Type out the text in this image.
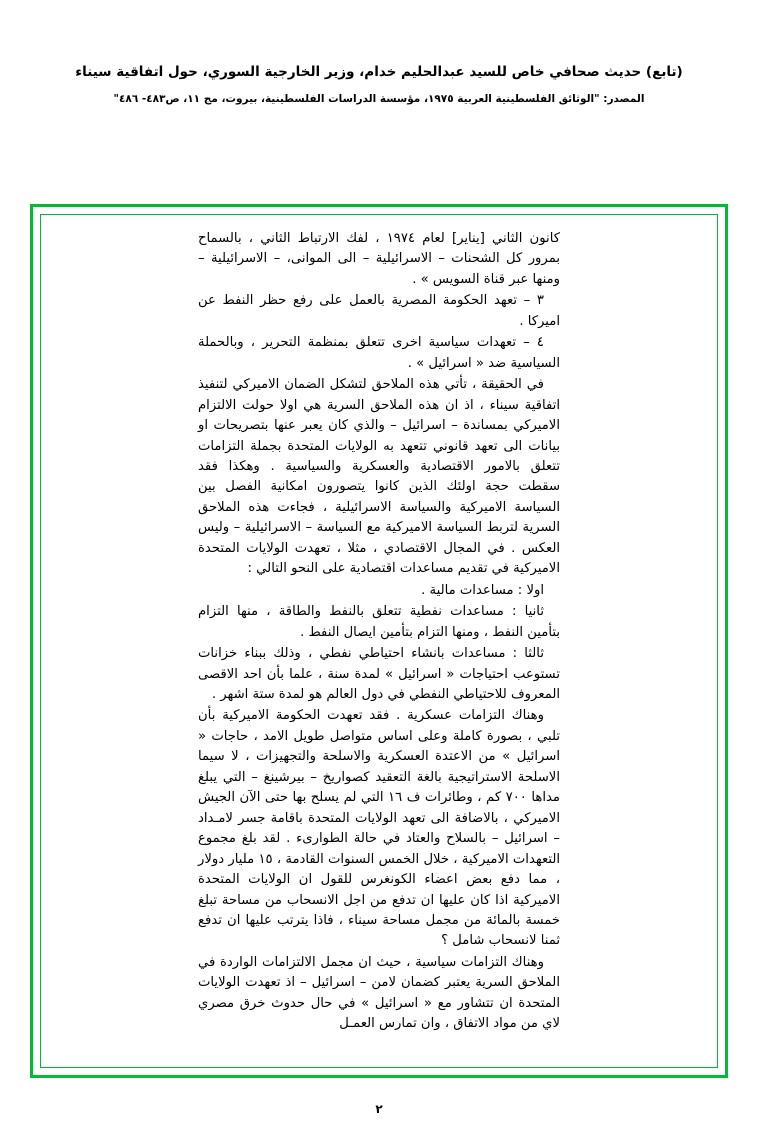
(تابع) حديث صحافي خاص للسيد عبدالحليم خدام، وزير الخارجية السوري، حول اتفاقية سيناء
المصدر: "الوثائق الفلسطينية العربية ١٩٧٥، مؤسسة الدراسات الفلسطينية، بيروت، مج ١١، ص٤٨٣- ٤٨٦"

كانون الثاني [يناير] لعام ١٩٧٤ ، لفك الارتباط الثاني ، بالسماح بمرور كل الشحنات – الاسرائيلية – الى الموانى، – الاسرائيلية – ومنها عبر قناة السويس » .

٣ – تعهد الحكومة المصرية بالعمل على رفع حظر النفط عن اميركا .

٤ – تعهدات سياسية اخرى تتعلق بمنظمة التحرير ، وبالحملة السياسية ضد « اسرائيل » .

في الحقيقة ، تأتي هذه الملاحق لتشكل الضمان الاميركي لتنفيذ اتفاقية سيناء ، اذ ان هذه الملاحق السرية هي اولا حولت الالتزام الاميركي بمساندة – اسرائيل – والذي كان يعبر عنها بتصريحات او بيانات الى تعهد قانوني تتعهد به الولايات المتحدة بجملة التزامات تتعلق بالامور الاقتصادية والعسكرية والسياسية . وهكذا فقد سقطت حجة اولئك الذين كانوا يتصورون امكانية الفصل بين السياسة الاميركية والسياسة الاسرائيلية ، فجاءت هذه الملاحق السرية لتربط السياسة الاميركية مع السياسة – الاسرائيلية – وليس العكس . في المجال الاقتصادي ، مثلا ، تعهدت الولايات المتحدة الاميركية في تقديم مساعدات اقتصادية على النحو التالي :

اولا : مساعدات مالية .

ثانيا : مساعدات نفطية تتعلق بالنفط والطاقة ، منها التزام بتأمين النفط ، ومنها التزام بتأمين ايصال النفط .

ثالثا : مساعدات بانشاء احتياطي نفطي ، وذلك ببناء خزانات تستوعب احتياجات « اسرائيل » لمدة سنة ، علما بأن احد الاقصى المعروف للاحتياطي النفطي في دول العالم هو لمدة ستة اشهر .

وهناك التزامات عسكرية . فقد تعهدت الحكومة الاميركية بأن تلبي ، بصورة كاملة وعلى اساس متواصل طويل الامد ، حاجات « اسرائيل » من الاعتدة العسكرية والاسلحة والتجهيزات ، لا سيما الاسلحة الاستراتيجية بالغة التعقيد كصواريخ – بيرشينغ – التي يبلغ مداها ٧٠٠ كم ، وطائرات ف ١٦ التي لم يسلح بها حتى الآن الجيش الاميركي ، بالاضافة الى تعهد الولايات المتحدة باقامة جسر لامـداد – اسرائيل – بالسلاح والعتاد في حالة الطوارىء . لقد بلغ مجموع التعهدات الاميركية ، خلال الخمس السنوات القادمة ، ١٥ مليار دولار ، مما دفع بعض اعضاء الكونغرس للقول ان الولايات المتحدة الاميركية اذا كان عليها ان تدفع من اجل الانسحاب من مساحة تبلغ خمسة بالمائة من مجمل مساحة سيناء ، فاذا يترتب عليها ان تدفع ثمنا لانسحاب شامل ؟

وهناك التزامات سياسية ، حيث ان مجمل الالتزامات الواردة في الملاحق السرية يعتبر كضمان لامن – اسرائيل – اذ تعهدت الولايات المتحدة ان تتشاور مع « اسرائيل » في حال حدوث خرق مصري لاي من مواد الاتفاق ، وان تمارس العمـل

٢
